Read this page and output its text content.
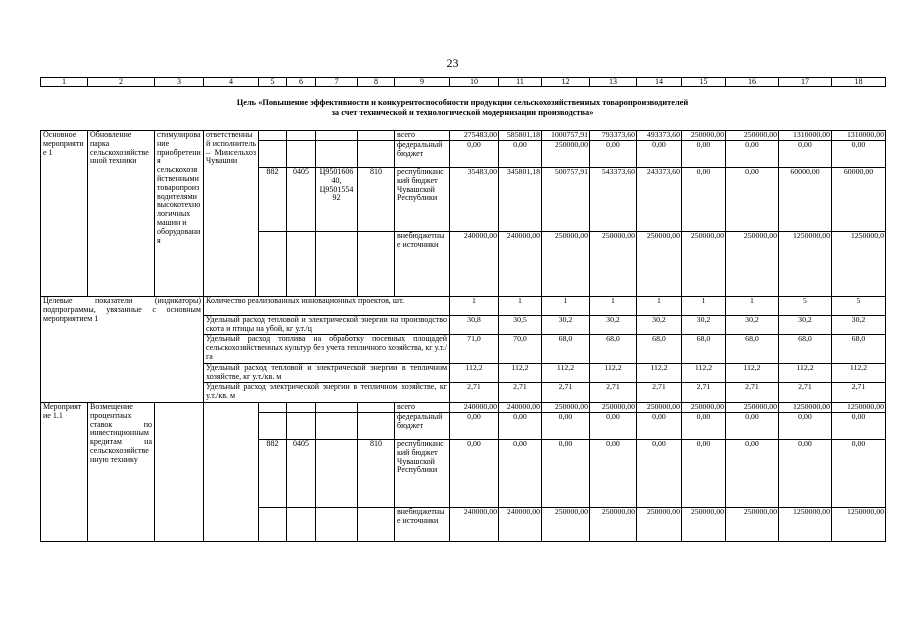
23
1	2	3	4	5	6	7	8	9	10	11	12	13	14	15	16	17	18
Цель «Повышение эффективности и конкурентоспособности продукции сельскохозяйственных товаропроизводителей
за счет технической и технологической модернизации производства»
Основное мероприятие 1	Обновление парка сельскохозяйственной техники	стимулирование приобретения сельскохозяйственными товаропроизводителями высокотехнологичных машин и оборудования	ответственный исполнитель – Минсельхоз Чувашии					всего	275483,00	585801,18	1000757,91	793373,60	493373,60	250000,00	250000,00	1310000,00	1310000,00
								федеральный бюджет	0,00	0,00	250000,00	0,00	0,00	0,00	0,00	0,00	0,00
				882	0405	Ц950160640, Ц950155492	810	республиканский бюджет Чувашской Республики	35483,00	345801,18	500757,91	543373,60	243373,60	0,00	0,00	60000,00	60000,00
								внебюджетные источники	240000,00	240000,00	250000,00	250000,00	250000,00	250000,00	250000,00	1250000,00	1250000,0
Целевые показатели (индикаторы) подпрограммы, увязанные с основным мероприятием 1			Количество реализованных инновационных проектов, шт.						1	1	1	1	1	1	1	5	5
			Удельный расход тепловой и электрической энергии на производство скота и птицы на убой, кг у.т./ц						30,8	30,5	30,2	30,2	30,2	30,2	30,2	30,2	30,2
			Удельный расход топлива на обработку посевных площадей сельскохозяйственных культур без учета тепличного хозяйства, кг у.т./га						71,0	70,0	68,0	68,0	68,0	68,0	68,0	68,0	68,0
			Удельный расход тепловой и электрической энергии в тепличном хозяйстве, кг у.т./кв. м						112,2	112,2	112,2	112,2	112,2	112,2	112,2	112,2	112,2
			Удельный расход электрической энергии в тепличном хозяйстве, кг у.т./кв. м						2,71	2,71	2,71	2,71	2,71	2,71	2,71	2,71	2,71
Мероприятие 1.1	Возмещение процентных ставок по инвестиционным кредитам на сельскохозяйственную технику							всего	240000,00	240000,00	250000,00	250000,00	250000,00	250000,00	250000,00	1250000,00	1250000,00
								федеральный бюджет	0,00	0,00	0,00	0,00	0,00	0,00	0,00	0,00	0,00
				882	0405		810	республиканский бюджет Чувашской Республики	0,00	0,00	0,00	0,00	0,00	0,00	0,00	0,00	0,00
								внебюджетные источники	240000,00	240000,00	250000,00	250000,00	250000,00	250000,00	250000,00	1250000,00	1250000,00
